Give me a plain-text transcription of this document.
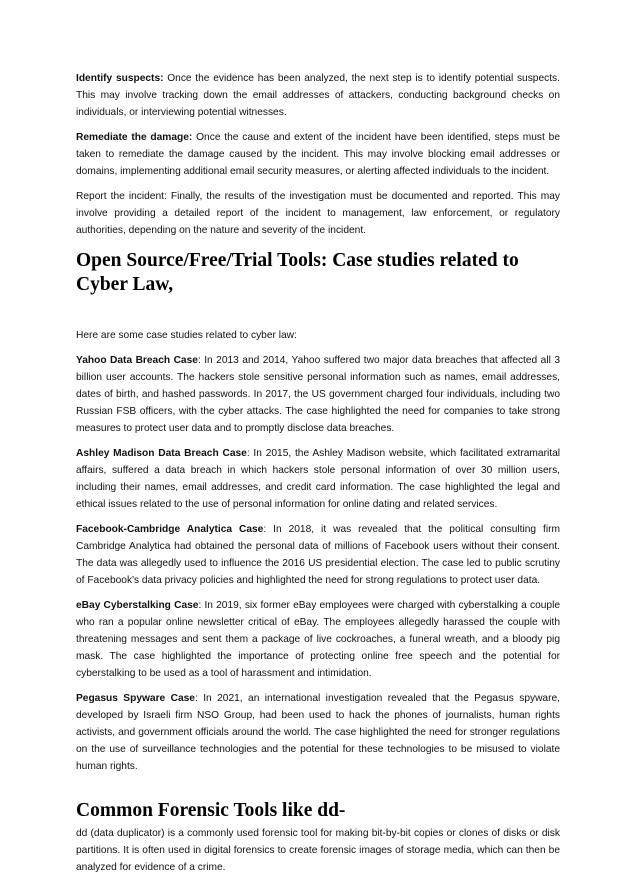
Identify suspects: Once the evidence has been analyzed, the next step is to identify potential suspects. This may involve tracking down the email addresses of attackers, conducting background checks on individuals, or interviewing potential witnesses.

Remediate the damage: Once the cause and extent of the incident have been identified, steps must be taken to remediate the damage caused by the incident. This may involve blocking email addresses or domains, implementing additional email security measures, or alerting affected individuals to the incident.

Report the incident: Finally, the results of the investigation must be documented and reported. This may involve providing a detailed report of the incident to management, law enforcement, or regulatory authorities, depending on the nature and severity of the incident.

Open Source/Free/Trial Tools: Case studies related to Cyber Law,

Here are some case studies related to cyber law:

Yahoo Data Breach Case: In 2013 and 2014, Yahoo suffered two major data breaches that affected all 3 billion user accounts. The hackers stole sensitive personal information such as names, email addresses, dates of birth, and hashed passwords. In 2017, the US government charged four individuals, including two Russian FSB officers, with the cyber attacks. The case highlighted the need for companies to take strong measures to protect user data and to promptly disclose data breaches.

Ashley Madison Data Breach Case: In 2015, the Ashley Madison website, which facilitated extramarital affairs, suffered a data breach in which hackers stole personal information of over 30 million users, including their names, email addresses, and credit card information. The case highlighted the legal and ethical issues related to the use of personal information for online dating and related services.

Facebook-Cambridge Analytica Case: In 2018, it was revealed that the political consulting firm Cambridge Analytica had obtained the personal data of millions of Facebook users without their consent. The data was allegedly used to influence the 2016 US presidential election. The case led to public scrutiny of Facebook's data privacy policies and highlighted the need for strong regulations to protect user data.

eBay Cyberstalking Case: In 2019, six former eBay employees were charged with cyberstalking a couple who ran a popular online newsletter critical of eBay. The employees allegedly harassed the couple with threatening messages and sent them a package of live cockroaches, a funeral wreath, and a bloody pig mask. The case highlighted the importance of protecting online free speech and the potential for cyberstalking to be used as a tool of harassment and intimidation.

Pegasus Spyware Case: In 2021, an international investigation revealed that the Pegasus spyware, developed by Israeli firm NSO Group, had been used to hack the phones of journalists, human rights activists, and government officials around the world. The case highlighted the need for stronger regulations on the use of surveillance technologies and the potential for these technologies to be misused to violate human rights.

Common Forensic Tools like dd-

dd (data duplicator) is a commonly used forensic tool for making bit-by-bit copies or clones of disks or disk partitions. It is often used in digital forensics to create forensic images of storage media, which can then be analyzed for evidence of a crime.
